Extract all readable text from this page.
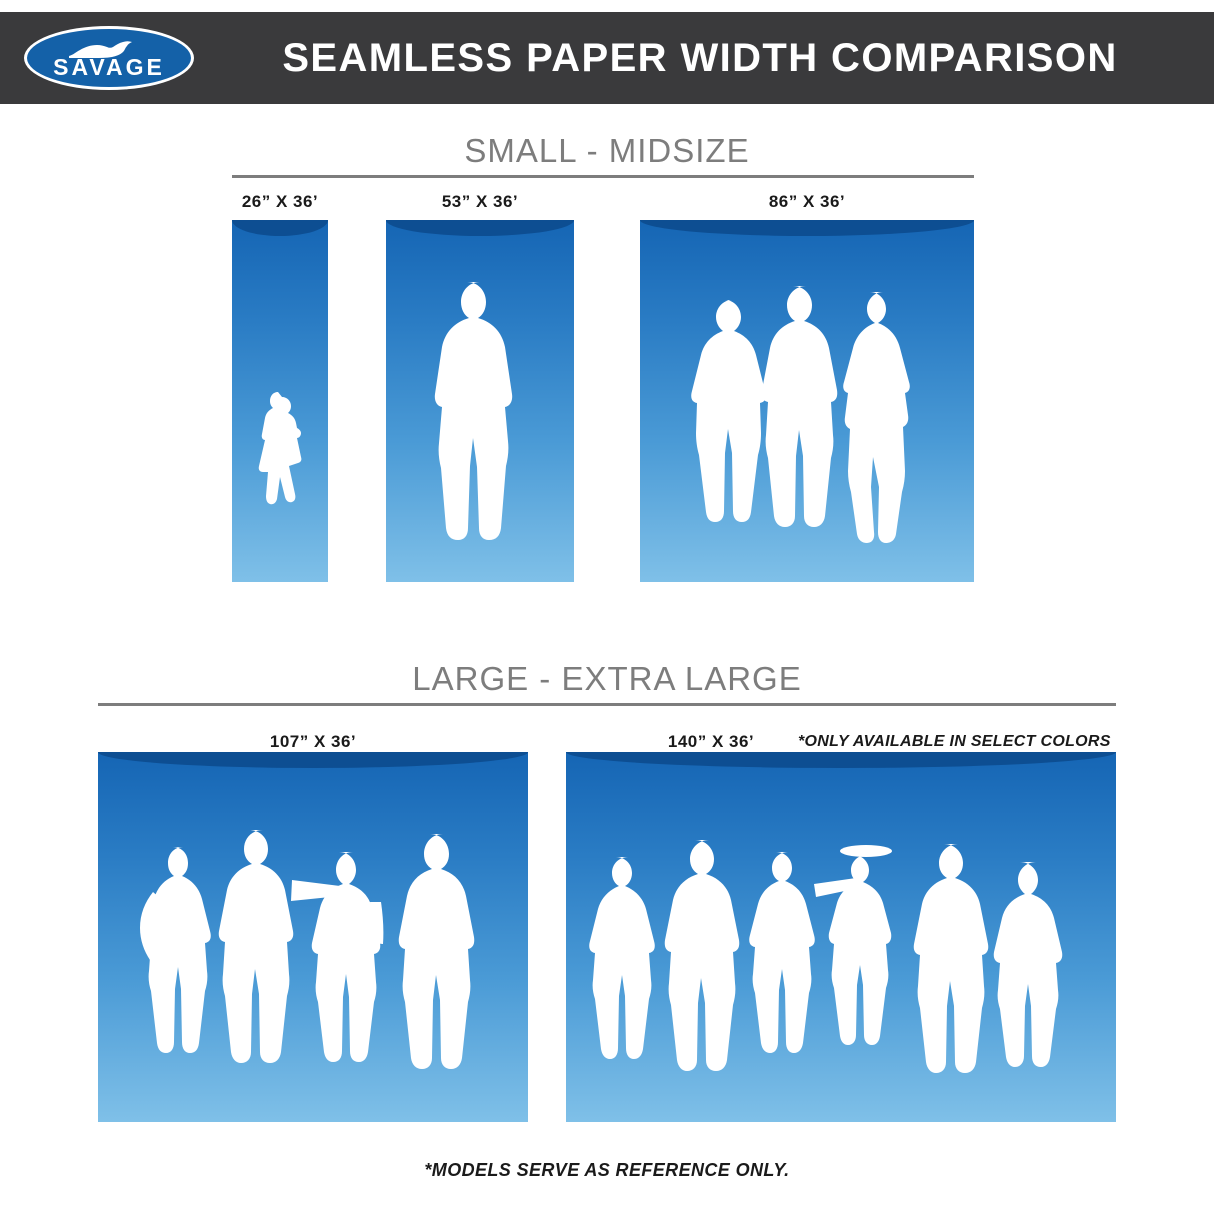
SAVAGE	SEAMLESS PAPER WIDTH COMPARISON
SMALL - MIDSIZE
26” X 36’	53” X 36’	86” X 36’
LARGE - EXTRA LARGE
107” X 36’	140” X 36’	*ONLY AVAILABLE IN SELECT COLORS
*MODELS SERVE AS REFERENCE ONLY.
